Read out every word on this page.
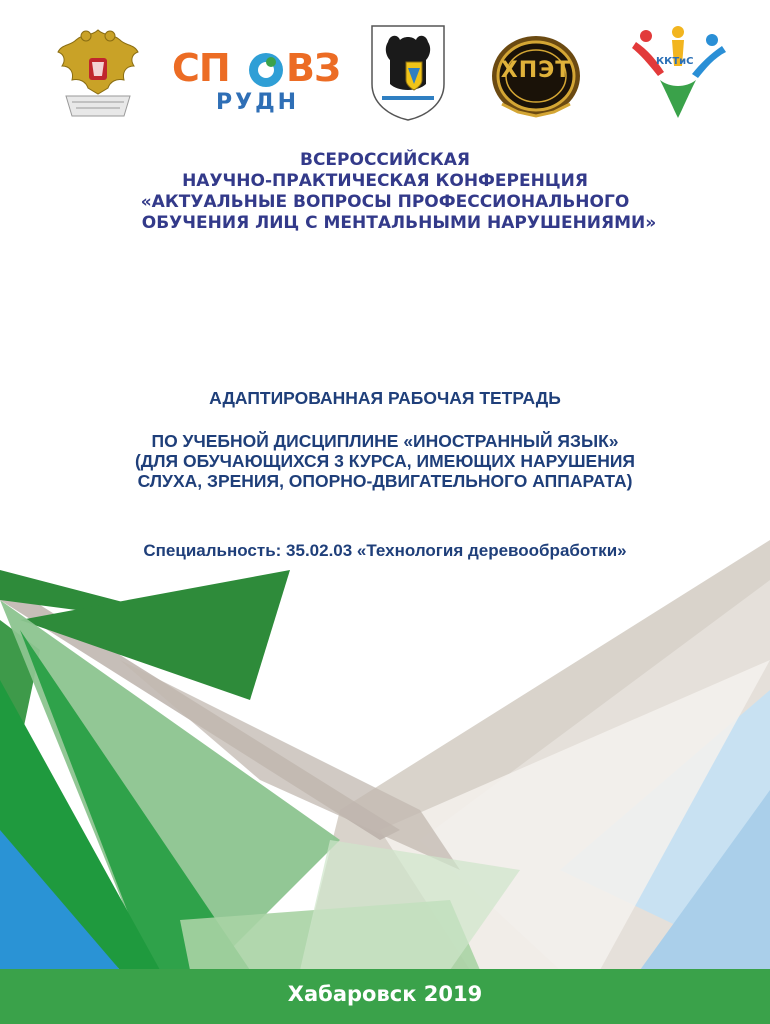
СП ВЗ
РУДН
ХПЭТ	ККТиС
ВСЕРОССИЙСКАЯ
НАУЧНО-ПРАКТИЧЕСКАЯ КОНФЕРЕНЦИЯ
«АКТУАЛЬНЫЕ ВОПРОСЫ ПРОФЕССИОНАЛЬНОГО
ОБУЧЕНИЯ ЛИЦ С МЕНТАЛЬНЫМИ НАРУШЕНИЯМИ»
АДАПТИРОВАННАЯ РАБОЧАЯ ТЕТРАДЬ
ПО УЧЕБНОЙ ДИСЦИПЛИНЕ «ИНОСТРАННЫЙ ЯЗЫК»
(ДЛЯ ОБУЧАЮЩИХСЯ 3 КУРСА, ИМЕЮЩИХ НАРУШЕНИЯ
СЛУХА, ЗРЕНИЯ, ОПОРНО-ДВИГАТЕЛЬНОГО АППАРАТА)
Специальность: 35.02.03 «Технология деревообработки»
Хабаровск 2019
